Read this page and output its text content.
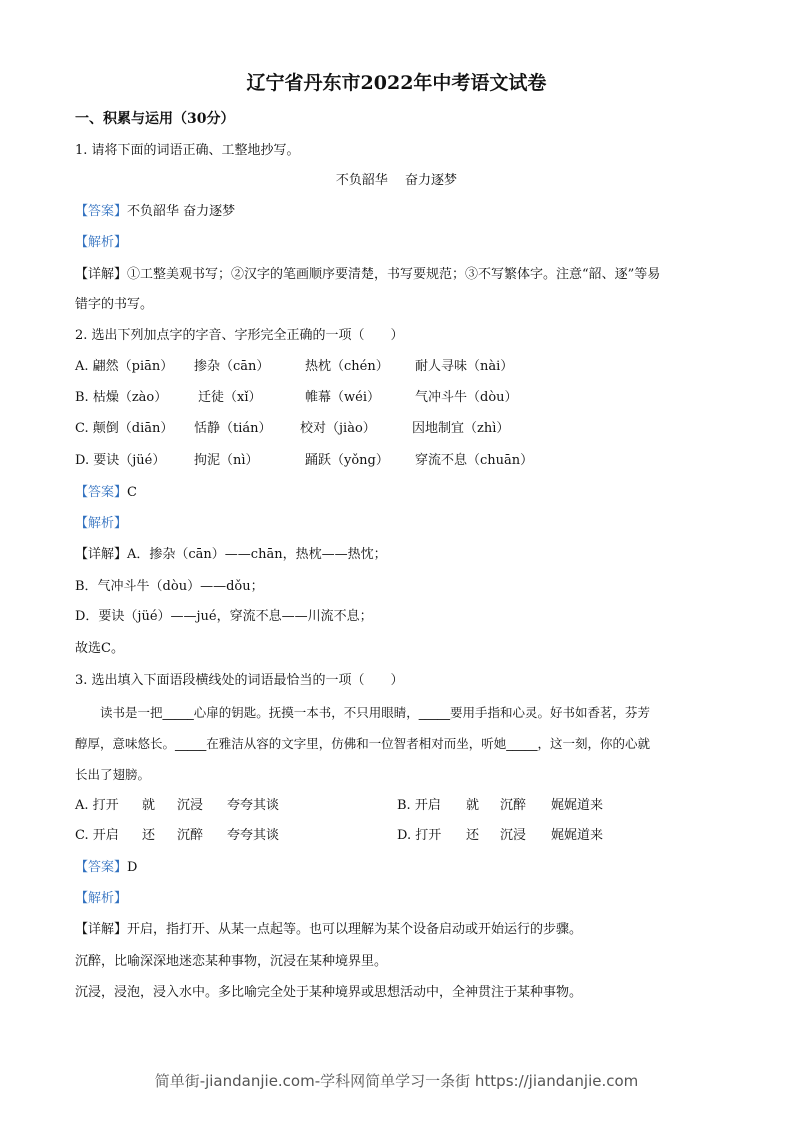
辽宁省丹东市2022年中考语文试卷
一、积累与运用（30分）
1. 请将下面的词语正确、工整地抄写。
不负韶华　 奋力逐梦
【答案】不负韶华 奋力逐梦
【解析】
【详解】①工整美观书写；②汉字的笔画顺序要清楚，书写要规范；③不写繁体字。注意“韶、逐”等易
错字的书写。
2. 选出下列加点字的字音、字形完全正确的一项（　　）
A. 翩然（piān） 掺杂（cān）	热枕（chén） 耐人寻味（nài）
B. 枯燥（zào） 迁徒（xǐ）	帷幕（wéi）	气冲斗牛（dòu）
C. 颠倒（diān） 恬静（tián） 校对（jiào）	因地制宜（zhì）
D. 要诀（jüé） 拘泥（nì）	踊跃（yǒng） 穿流不息（chuān）
【答案】C
【解析】
【详解】A．掺杂（cān）——chān，热枕——热忱；
B．气冲斗牛（dòu）——dǒu；
D．要诀（jüé）——jué，穿流不息——川流不息；
故选C。
3. 选出填入下面语段横线处的词语最恰当的一项（　　）
读书是一把_____心扉的钥匙。抚摸一本书，不只用眼睛，_____要用手指和心灵。好书如香茗，芬芳
醇厚，意味悠长。_____在雅洁从容的文字里，仿佛和一位智者相对而坐，听她_____，这一刻，你的心就
长出了翅膀。
A. 打开 就 沉浸 夸夸其谈	B. 开启 就 沉醉 娓娓道来
C. 开启 还 沉醉 夸夸其谈	D. 打开 还 沉浸 娓娓道来
【答案】D
【解析】
【详解】开启，指打开、从某一点起等。也可以理解为某个设备启动或开始运行的步骤。
沉醉，比喻深深地迷恋某种事物，沉浸在某种境界里。
沉浸，浸泡，浸入水中。多比喻完全处于某种境界或思想活动中，全神贯注于某种事物。
简单街-jiandanjie.com-学科网简单学习一条街 https://jiandanjie.com
